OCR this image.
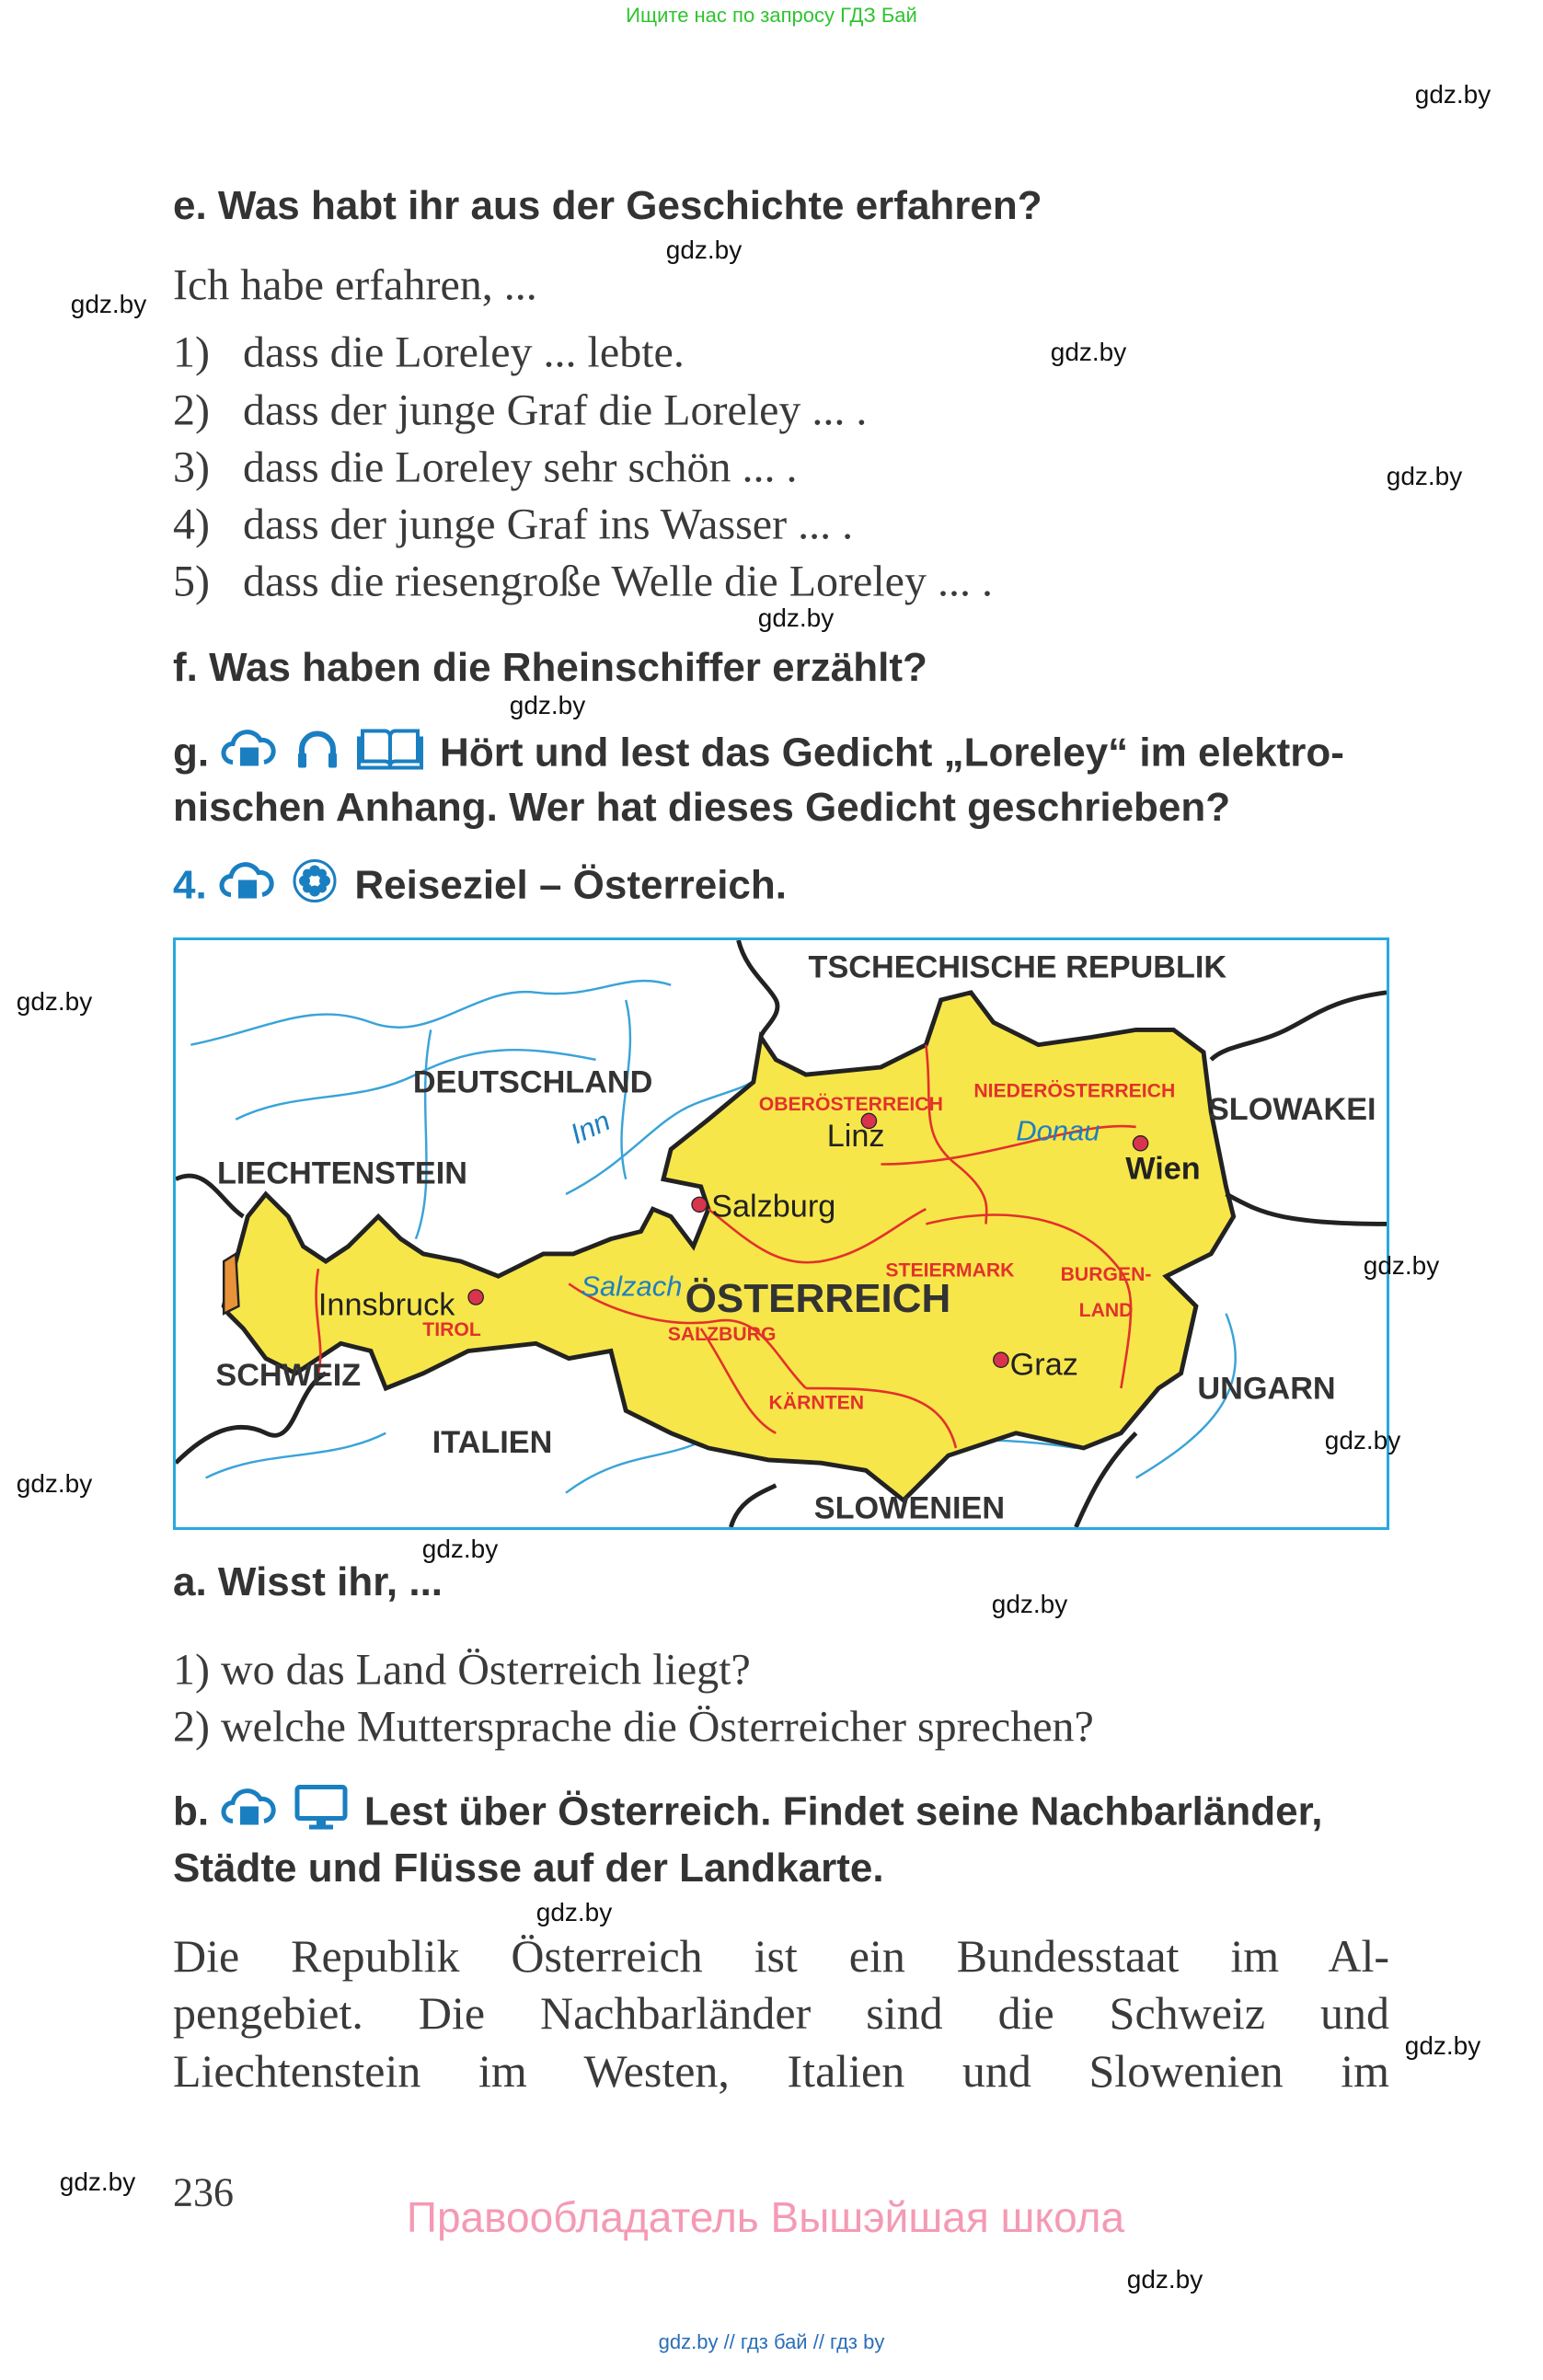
Ищите нас по запросу ГДЗ Бай
gdz.by
gdz.by
gdz.by
gdz.by
gdz.by
gdz.by
gdz.by
gdz.by
gdz.by
gdz.by
gdz.by
gdz.by
gdz.by
gdz.by
gdz.by
gdz.by
gdz.by
e. Was habt ihr aus der Geschichte erfahren?
Ich habe erfahren, ...
1) dass die Loreley ... lebte.
2) dass der junge Graf die Loreley ... .
3) dass die Loreley sehr schön ... .
4) dass der junge Graf ins Wasser ... .
5) dass die riesengroße Welle die Loreley ... .
f. Was haben die Rheinschiffer erzählt?
g.	Hört und lest das Gedicht „Loreley“ im elektro-
nischen Anhang. Wer hat dieses Gedicht geschrieben?
4.	Reiseziel – Österreich.
TSCHECHISCHE REPUBLIK
DEUTSCHLAND
SLOWAKEI
LIECHTENSTEIN
SCHWEIZ
ITALIEN
SLOWENIEN
UNGARN
ÖSTERREICH
OBERÖSTERREICH
NIEDERÖSTERREICH
STEIERMARK	BURGEN-
LAND
TIROL	SALZBURG
KÄRNTEN
Linz
Wien
Salzburg
Innsbruck
Graz
Inn	Donau
Salzach
a. Wisst ihr, ...
1) wo das Land Österreich liegt?
2) welche Muttersprache die Österreicher sprechen?
b.	Lest über Österreich. Findet seine Nachbarländer,
Städte und Flüsse auf der Landkarte.
Die Republik Österreich ist ein Bundesstaat im Al-
pengebiet. Die Nachbarländer sind die Schweiz und
Liechtenstein im Westen, Italien und Slowenien im
236
Правообладатель Вышэйшая школа
gdz.by // гдз бай // гдз by
